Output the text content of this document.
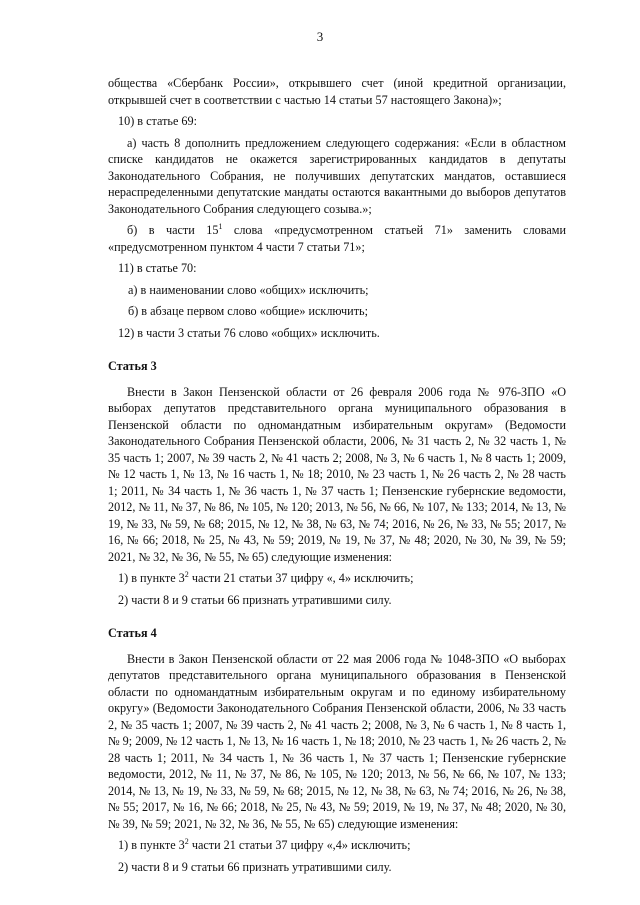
3

общества «Сбербанк России», открывшего счет (иной кредитной организации, открывшей счет в соответствии с частью 14 статьи 57 настоящего Закона)»;

10) в статье 69:

а) часть 8 дополнить предложением следующего содержания: «Если в областном списке кандидатов не окажется зарегистрированных кандидатов в депутаты Законодательного Собрания, не получивших депутатских мандатов, оставшиеся нераспределенными депутатские мандаты остаются вакантными до выборов депутатов Законодательного Собрания следующего созыва.»;

б) в части $15^1$ слова «предусмотренном статьей 71» заменить словами «предусмотренном пунктом 4 части 7 статьи 71»;

11) в статье 70:

а) в наименовании слово «общих» исключить;

б) в абзаце первом слово «общие» исключить;

12) в части 3 статьи 76 слово «общих» исключить.

Статья 3

Внести в Закон Пензенской области от 26 февраля 2006 года № 976-ЗПО «О выборах депутатов представительного органа муниципального образования в Пензенской области по одномандатным избирательным округам» (Ведомости Законодательного Собрания Пензенской области, 2006, № 31 часть 2, № 32 часть 1, № 35 часть 1; 2007, № 39 часть 2, № 41 часть 2; 2008, № 3, № 6 часть 1, № 8 часть 1; 2009, № 12 часть 1, № 13, № 16 часть 1, № 18; 2010, № 23 часть 1, № 26 часть 2, № 28 часть 1; 2011, № 34 часть 1, № 36 часть 1, № 37 часть 1; Пензенские губернские ведомости, 2012, № 11, № 37, № 86, № 105, № 120; 2013, № 56, № 66, № 107, № 133; 2014, № 13, № 19, № 33, № 59, № 68; 2015, № 12, № 38, № 63, № 74; 2016, № 26, № 33, № 55; 2017, № 16, № 66; 2018, № 25, № 43, № 59; 2019, № 19, № 37, № 48; 2020, № 30, № 39, № 59; 2021, № 32, № 36, № 55, № 65) следующие изменения:

1) в пункте $3^2$ части 21 статьи 37 цифру «, 4» исключить;

2) части 8 и 9 статьи 66 признать утратившими силу.

Статья 4

Внести в Закон Пензенской области от 22 мая 2006 года № 1048-ЗПО «О выборах депутатов представительного органа муниципального образования в Пензенской области по одномандатным избирательным округам и по единому избирательному округу» (Ведомости Законодательного Собрания Пензенской области, 2006, № 33 часть 2, № 35 часть 1; 2007, № 39 часть 2, № 41 часть 2; 2008, № 3, № 6 часть 1, № 8 часть 1, № 9; 2009, № 12 часть 1, № 13, № 16 часть 1, № 18; 2010, № 23 часть 1, № 26 часть 2, № 28 часть 1; 2011, № 34 часть 1, № 36 часть 1, № 37 часть 1; Пензенские губернские ведомости, 2012, № 11, № 37, № 86, № 105, № 120; 2013, № 56, № 66, № 107, № 133; 2014, № 13, № 19, № 33, № 59, № 68; 2015, № 12, № 38, № 63, № 74; 2016, № 26, № 38, № 55; 2017, № 16, № 66; 2018, № 25, № 43, № 59; 2019, № 19, № 37, № 48; 2020, № 30, № 39, № 59; 2021, № 32, № 36, № 55, № 65) следующие изменения:

1) в пункте $3^2$ части 21 статьи 37 цифру «,4» исключить;

2) части 8 и 9 статьи 66 признать утратившими силу.
